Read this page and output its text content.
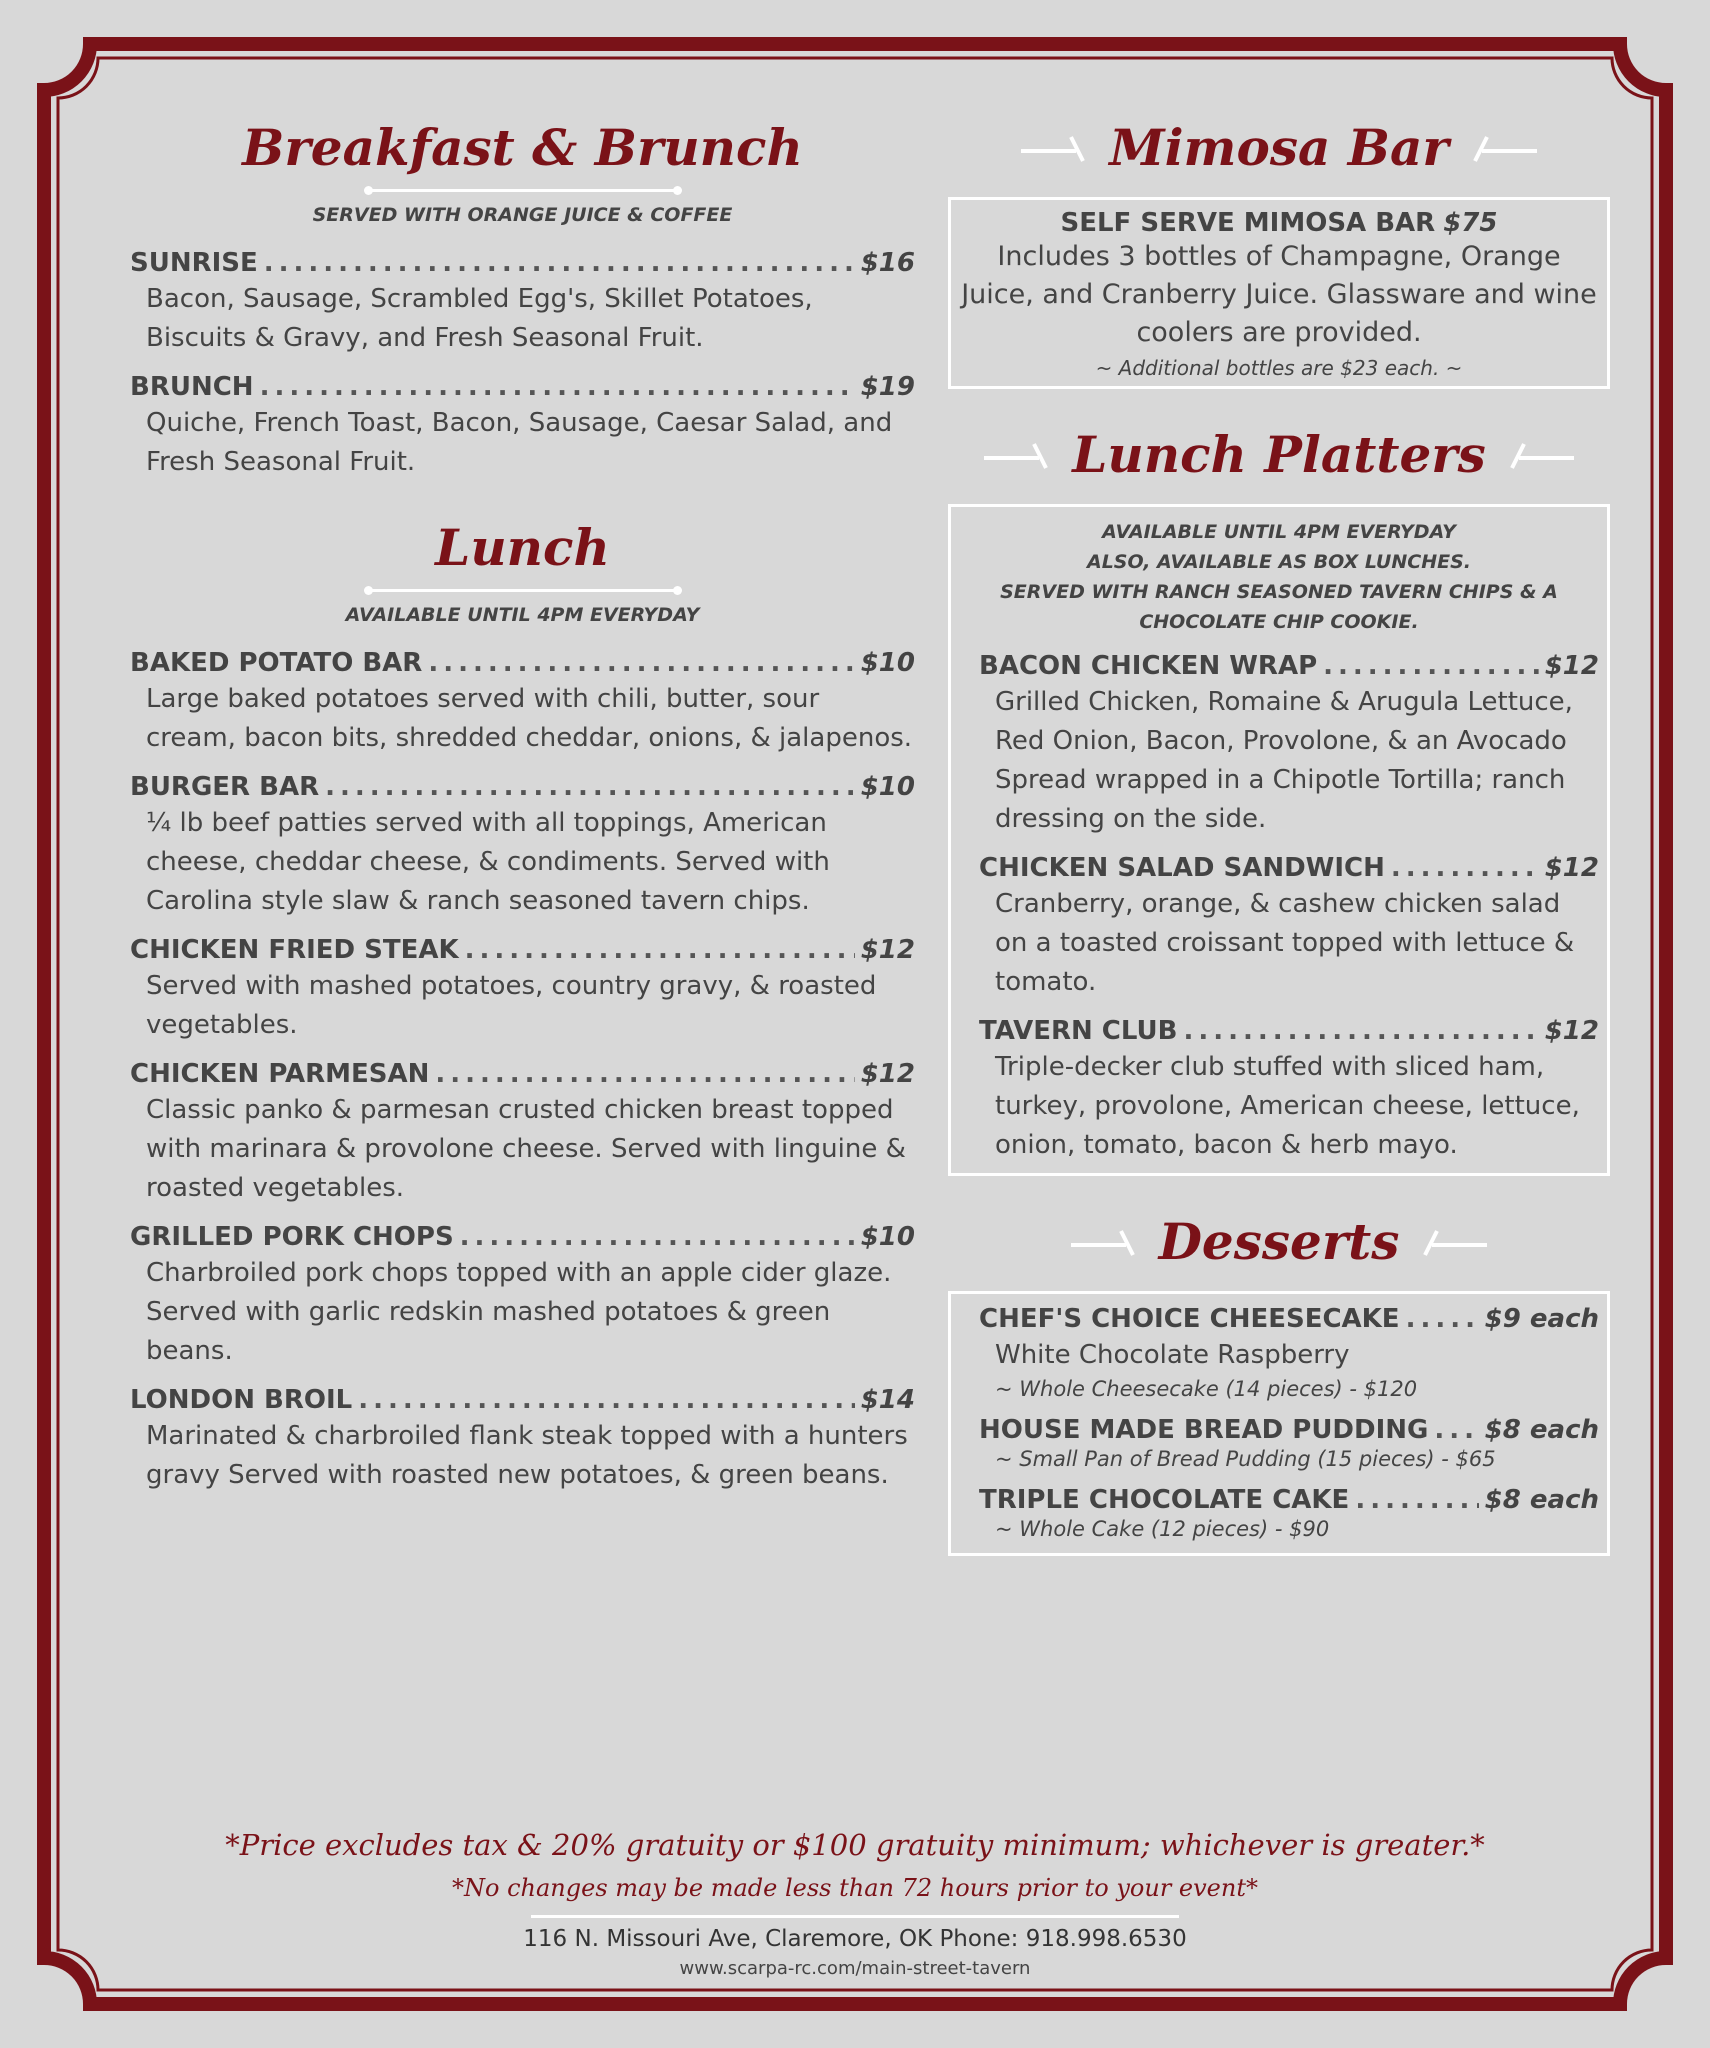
Breakfast & Brunch
SERVED WITH ORANGE JUICE & COFFEE
SUNRISE .....	$16
Bacon, Sausage, Scrambled Egg's, Skillet Potatoes, Biscuits & Gravy, and Fresh Seasonal Fruit.
BRUNCH .....	$19
Quiche, French Toast, Bacon, Sausage, Caesar Salad, and Fresh Seasonal Fruit.
Lunch
AVAILABLE UNTIL 4PM EVERYDAY
BAKED POTATO BAR .....	$10
Large baked potatoes served with chili, butter, sour cream, bacon bits, shredded cheddar, onions, & jalapenos.
BURGER BAR .....	$10
¼ lb beef patties served with all toppings, American cheese, cheddar cheese, & condiments. Served with Carolina style slaw & ranch seasoned tavern chips.
CHICKEN FRIED STEAK .....	$12
Served with mashed potatoes, country gravy, & roasted vegetables.
CHICKEN PARMESAN .....	$12
Classic panko & parmesan crusted chicken breast topped with marinara & provolone cheese. Served with linguine & roasted vegetables.
GRILLED PORK CHOPS .....	$10
Charbroiled pork chops topped with an apple cider glaze. Served with garlic redskin mashed potatoes & green beans.
LONDON BROIL .....	$14
Marinated & charbroiled flank steak topped with a hunters gravy Served with roasted new potatoes, & green beans.
Mimosa Bar
SELF SERVE MIMOSA BAR $75
Includes 3 bottles of Champagne, Orange Juice, and Cranberry Juice. Glassware and wine coolers are provided.
~ Additional bottles are $23 each. ~
Lunch Platters
AVAILABLE UNTIL 4PM EVERYDAY
ALSO, AVAILABLE AS BOX LUNCHES.
SERVED WITH RANCH SEASONED TAVERN CHIPS & A
CHOCOLATE CHIP COOKIE.
BACON CHICKEN WRAP .....	$12
Grilled Chicken, Romaine & Arugula Lettuce, Red Onion, Bacon, Provolone, & an Avocado Spread wrapped in a Chipotle Tortilla; ranch dressing on the side.
CHICKEN SALAD SANDWICH .....	$12
Cranberry, orange, & cashew chicken salad on a toasted croissant topped with lettuce & tomato.
TAVERN CLUB .....	$12
Triple-decker club stuffed with sliced ham, turkey, provolone, American cheese, lettuce, onion, tomato, bacon & herb mayo.
Desserts
CHEF'S CHOICE CHEESECAKE .....	$9 each
White Chocolate Raspberry
~ Whole Cheesecake (14 pieces) - $120
HOUSE MADE BREAD PUDDING ..... $8 each
~ Small Pan of Bread Pudding (15 pieces) - $65
TRIPLE CHOCOLATE CAKE .....	$8 each
~ Whole Cake (12 pieces) - $90
*Price excludes tax & 20% gratuity or $100 gratuity minimum; whichever is greater.*
*No changes may be made less than 72 hours prior to your event*
116 N. Missouri Ave, Claremore, OK Phone: 918.998.6530
www.scarpa-rc.com/main-street-tavern
